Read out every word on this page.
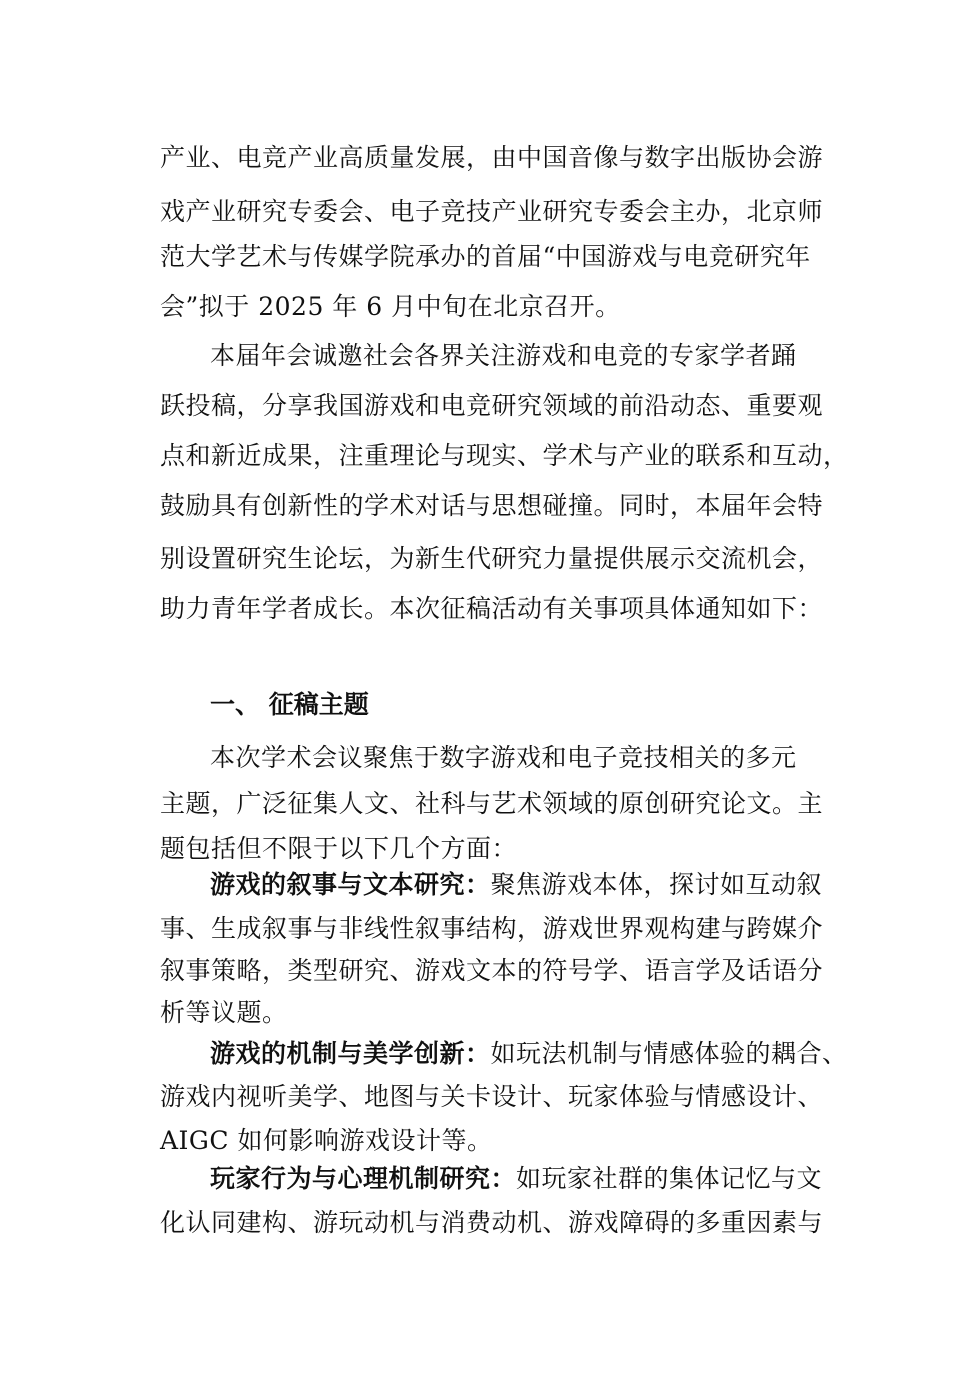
产业、电竞产业高质量发展，由中国音像与数字出版协会游
戏产业研究专委会、电子竞技产业研究专委会主办，北京师
范大学艺术与传媒学院承办的首届“中国游戏与电竞研究年
会”拟于 2025 年 6 月中旬在北京召开。
本届年会诚邀社会各界关注游戏和电竞的专家学者踊
跃投稿，分享我国游戏和电竞研究领域的前沿动态、重要观
点和新近成果，注重理论与现实、学术与产业的联系和互动，
鼓励具有创新性的学术对话与思想碰撞。同时，本届年会特
别设置研究生论坛，为新生代研究力量提供展示交流机会，
助力青年学者成长。本次征稿活动有关事项具体通知如下：
一、 征稿主题
本次学术会议聚焦于数字游戏和电子竞技相关的多元
主题，广泛征集人文、社科与艺术领域的原创研究论文。主
题包括但不限于以下几个方面：
游戏的叙事与文本研究：聚焦游戏本体，探讨如互动叙
事、生成叙事与非线性叙事结构，游戏世界观构建与跨媒介
叙事策略，类型研究、游戏文本的符号学、语言学及话语分
析等议题。
游戏的机制与美学创新：如玩法机制与情感体验的耦合、
游戏内视听美学、地图与关卡设计、玩家体验与情感设计、
AIGC 如何影响游戏设计等。
玩家行为与心理机制研究：如玩家社群的集体记忆与文
化认同建构、游玩动机与消费动机、游戏障碍的多重因素与
